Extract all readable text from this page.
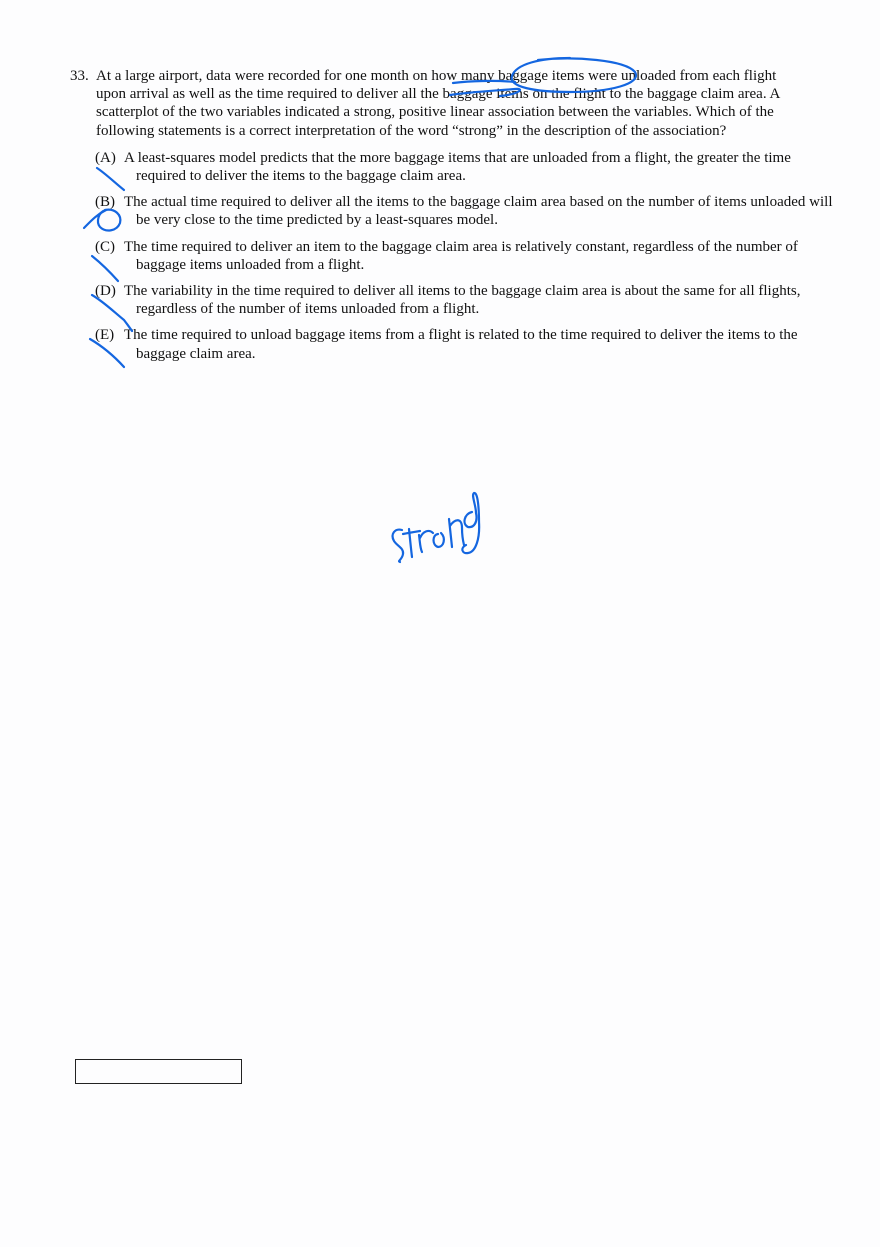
33. At a large airport, data were recorded for one month on how many baggage items were unloaded from each flight upon arrival as well as the time required to deliver all the baggage items on the flight to the baggage claim area. A scatterplot of the two variables indicated a strong, positive linear association between the variables. Which of the following statements is a correct interpretation of the word “strong” in the description of the association?
(A) A least-squares model predicts that the more baggage items that are unloaded from a flight, the greater the time required to deliver the items to the baggage claim area.
(B) The actual time required to deliver all the items to the baggage claim area based on the number of items unloaded will be very close to the time predicted by a least-squares model.
(C) The time required to deliver an item to the baggage claim area is relatively constant, regardless of the number of baggage items unloaded from a flight.
(D) The variability in the time required to deliver all items to the baggage claim area is about the same for all flights, regardless of the number of items unloaded from a flight.
(E) The time required to unload baggage items from a flight is related to the time required to deliver the items to the baggage claim area.
